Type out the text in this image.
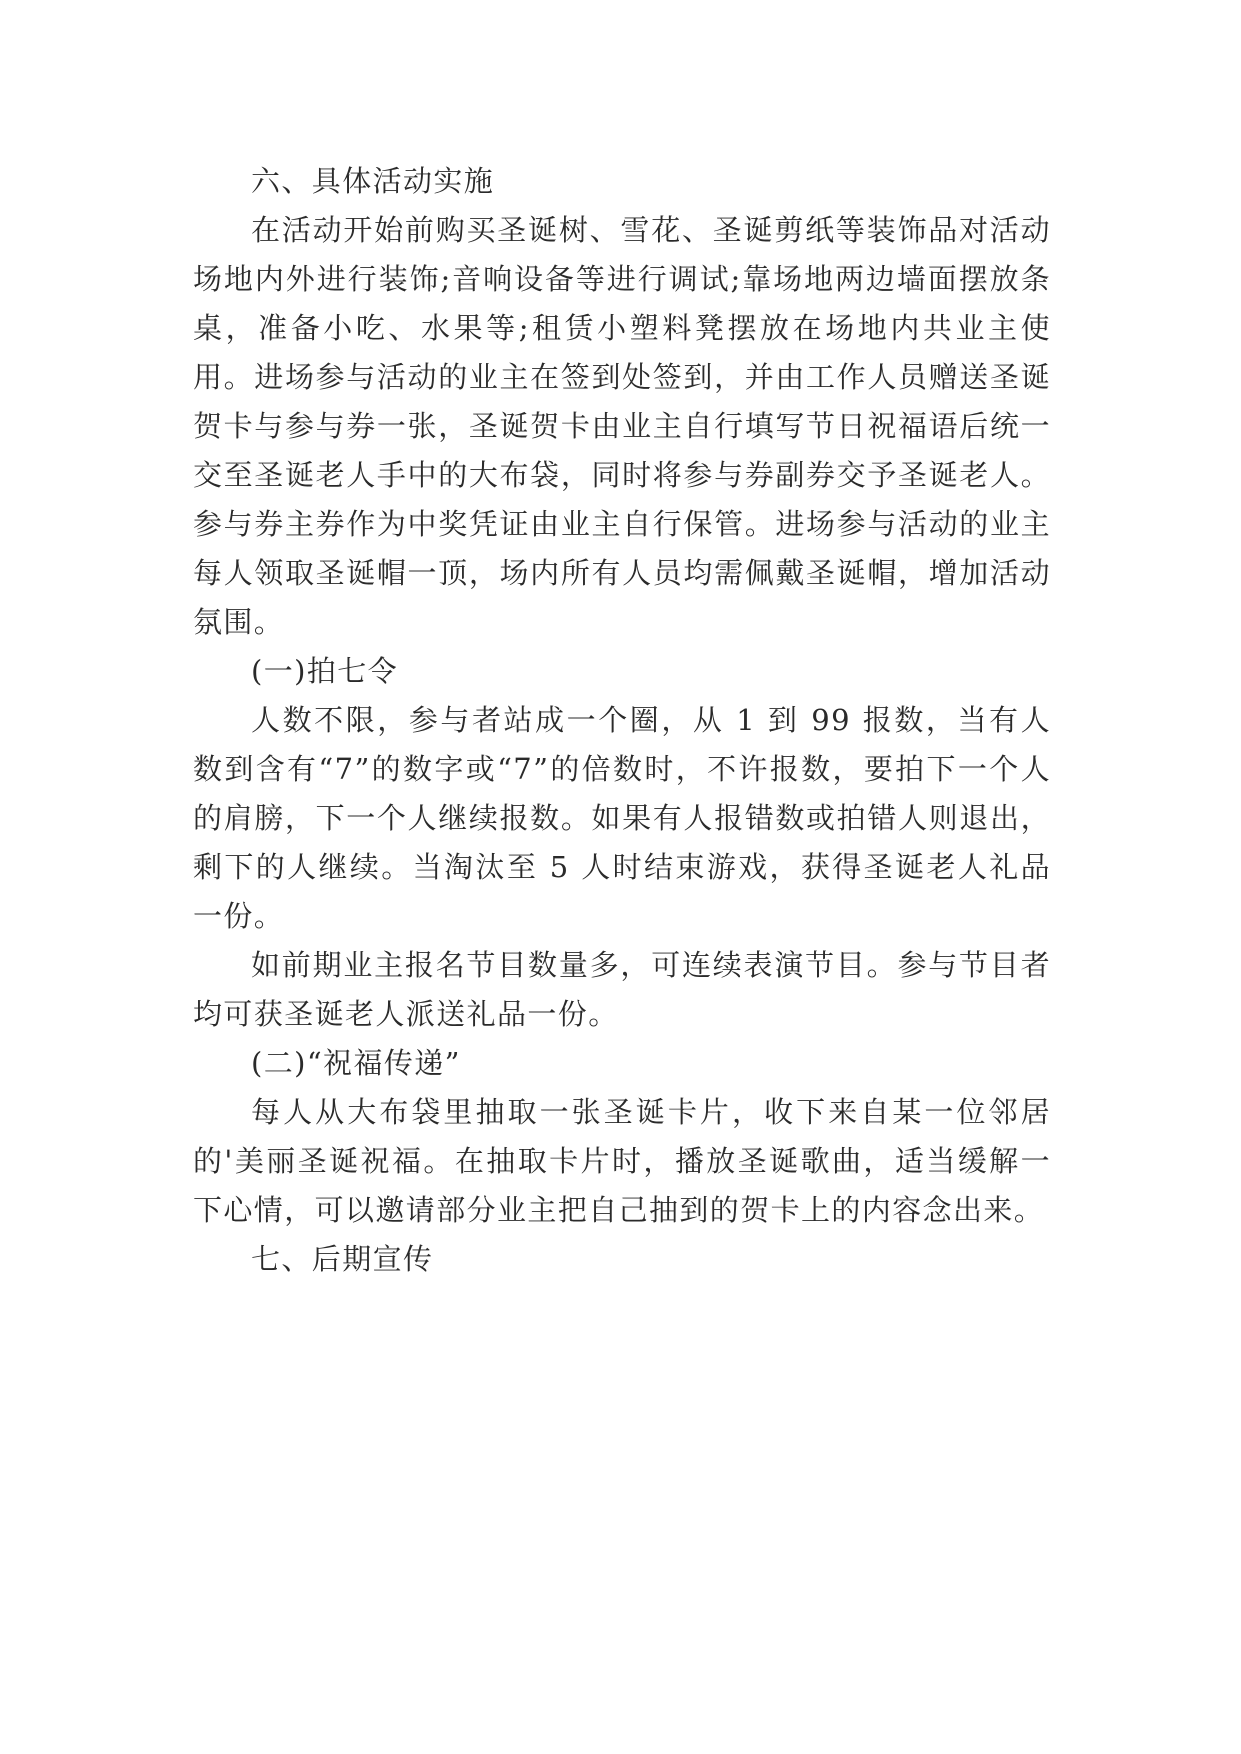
六、具体活动实施

在活动开始前购买圣诞树、雪花、圣诞剪纸等装饰品对活动场地内外进行装饰;音响设备等进行调试;靠场地两边墙面摆放条桌，准备小吃、水果等;租赁小塑料凳摆放在场地内共业主使用。进场参与活动的业主在签到处签到，并由工作人员赠送圣诞贺卡与参与券一张，圣诞贺卡由业主自行填写节日祝福语后统一交至圣诞老人手中的大布袋，同时将参与券副券交予圣诞老人。参与券主券作为中奖凭证由业主自行保管。进场参与活动的业主每人领取圣诞帽一顶，场内所有人员均需佩戴圣诞帽，增加活动氛围。

(一)拍七令

人数不限，参与者站成一个圈，从 1 到 99 报数，当有人数到含有“7”的数字或“7”的倍数时，不许报数，要拍下一个人的肩膀，下一个人继续报数。如果有人报错数或拍错人则退出，剩下的人继续。当淘汰至 5 人时结束游戏，获得圣诞老人礼品一份。

如前期业主报名节目数量多，可连续表演节目。参与节目者均可获圣诞老人派送礼品一份。

(二)“祝福传递”

每人从大布袋里抽取一张圣诞卡片，收下来自某一位邻居的'美丽圣诞祝福。在抽取卡片时，播放圣诞歌曲，适当缓解一下心情，可以邀请部分业主把自己抽到的贺卡上的内容念出来。

七、后期宣传
